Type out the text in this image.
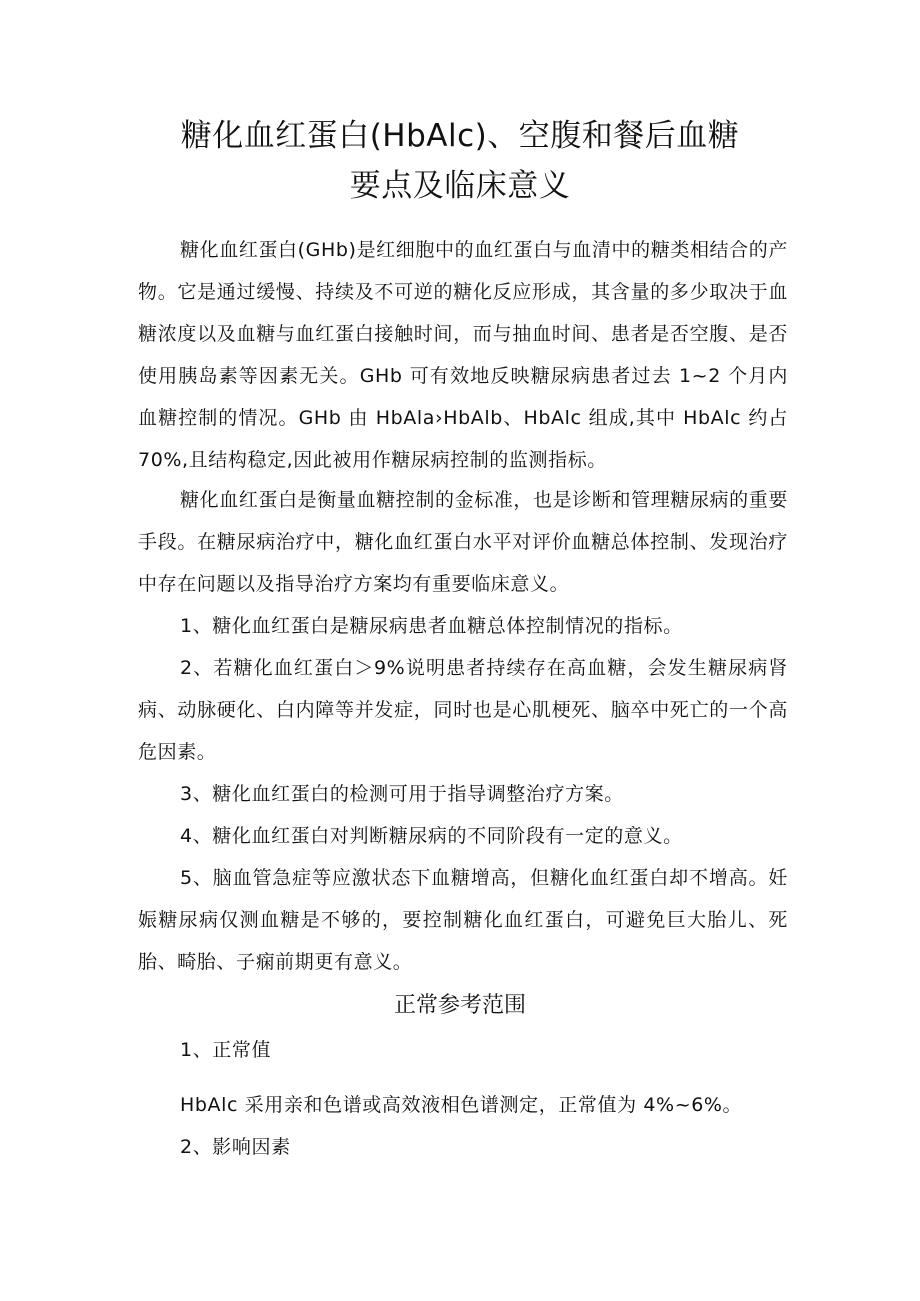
糖化血红蛋白(HbAlc)、空腹和餐后血糖
要点及临床意义

糖化血红蛋白(GHb)是红细胞中的血红蛋白与血清中的糖类相结合的产物。它是通过缓慢、持续及不可逆的糖化反应形成，其含量的多少取决于血糖浓度以及血糖与血红蛋白接触时间，而与抽血时间、患者是否空腹、是否使用胰岛素等因素无关。GHb 可有效地反映糖尿病患者过去 1~2 个月内血糖控制的情况。GHb 由 HbAla›HbAlb、HbAlc 组成,其中 HbAlc 约占70%,且结构稳定,因此被用作糖尿病控制的监测指标。

糖化血红蛋白是衡量血糖控制的金标准，也是诊断和管理糖尿病的重要手段。在糖尿病治疗中，糖化血红蛋白水平对评价血糖总体控制、发现治疗中存在问题以及指导治疗方案均有重要临床意义。

1、糖化血红蛋白是糖尿病患者血糖总体控制情况的指标。

2、若糖化血红蛋白＞9%说明患者持续存在高血糖，会发生糖尿病肾病、动脉硬化、白内障等并发症，同时也是心肌梗死、脑卒中死亡的一个高危因素。

3、糖化血红蛋白的检测可用于指导调整治疗方案。

4、糖化血红蛋白对判断糖尿病的不同阶段有一定的意义。

5、脑血管急症等应激状态下血糖增高，但糖化血红蛋白却不增高。妊娠糖尿病仅测血糖是不够的，要控制糖化血红蛋白，可避免巨大胎儿、死胎、畸胎、子痫前期更有意义。

正常参考范围

1、正常值

HbAlc 采用亲和色谱或高效液相色谱测定，正常值为 4%~6%。

2、影响因素
